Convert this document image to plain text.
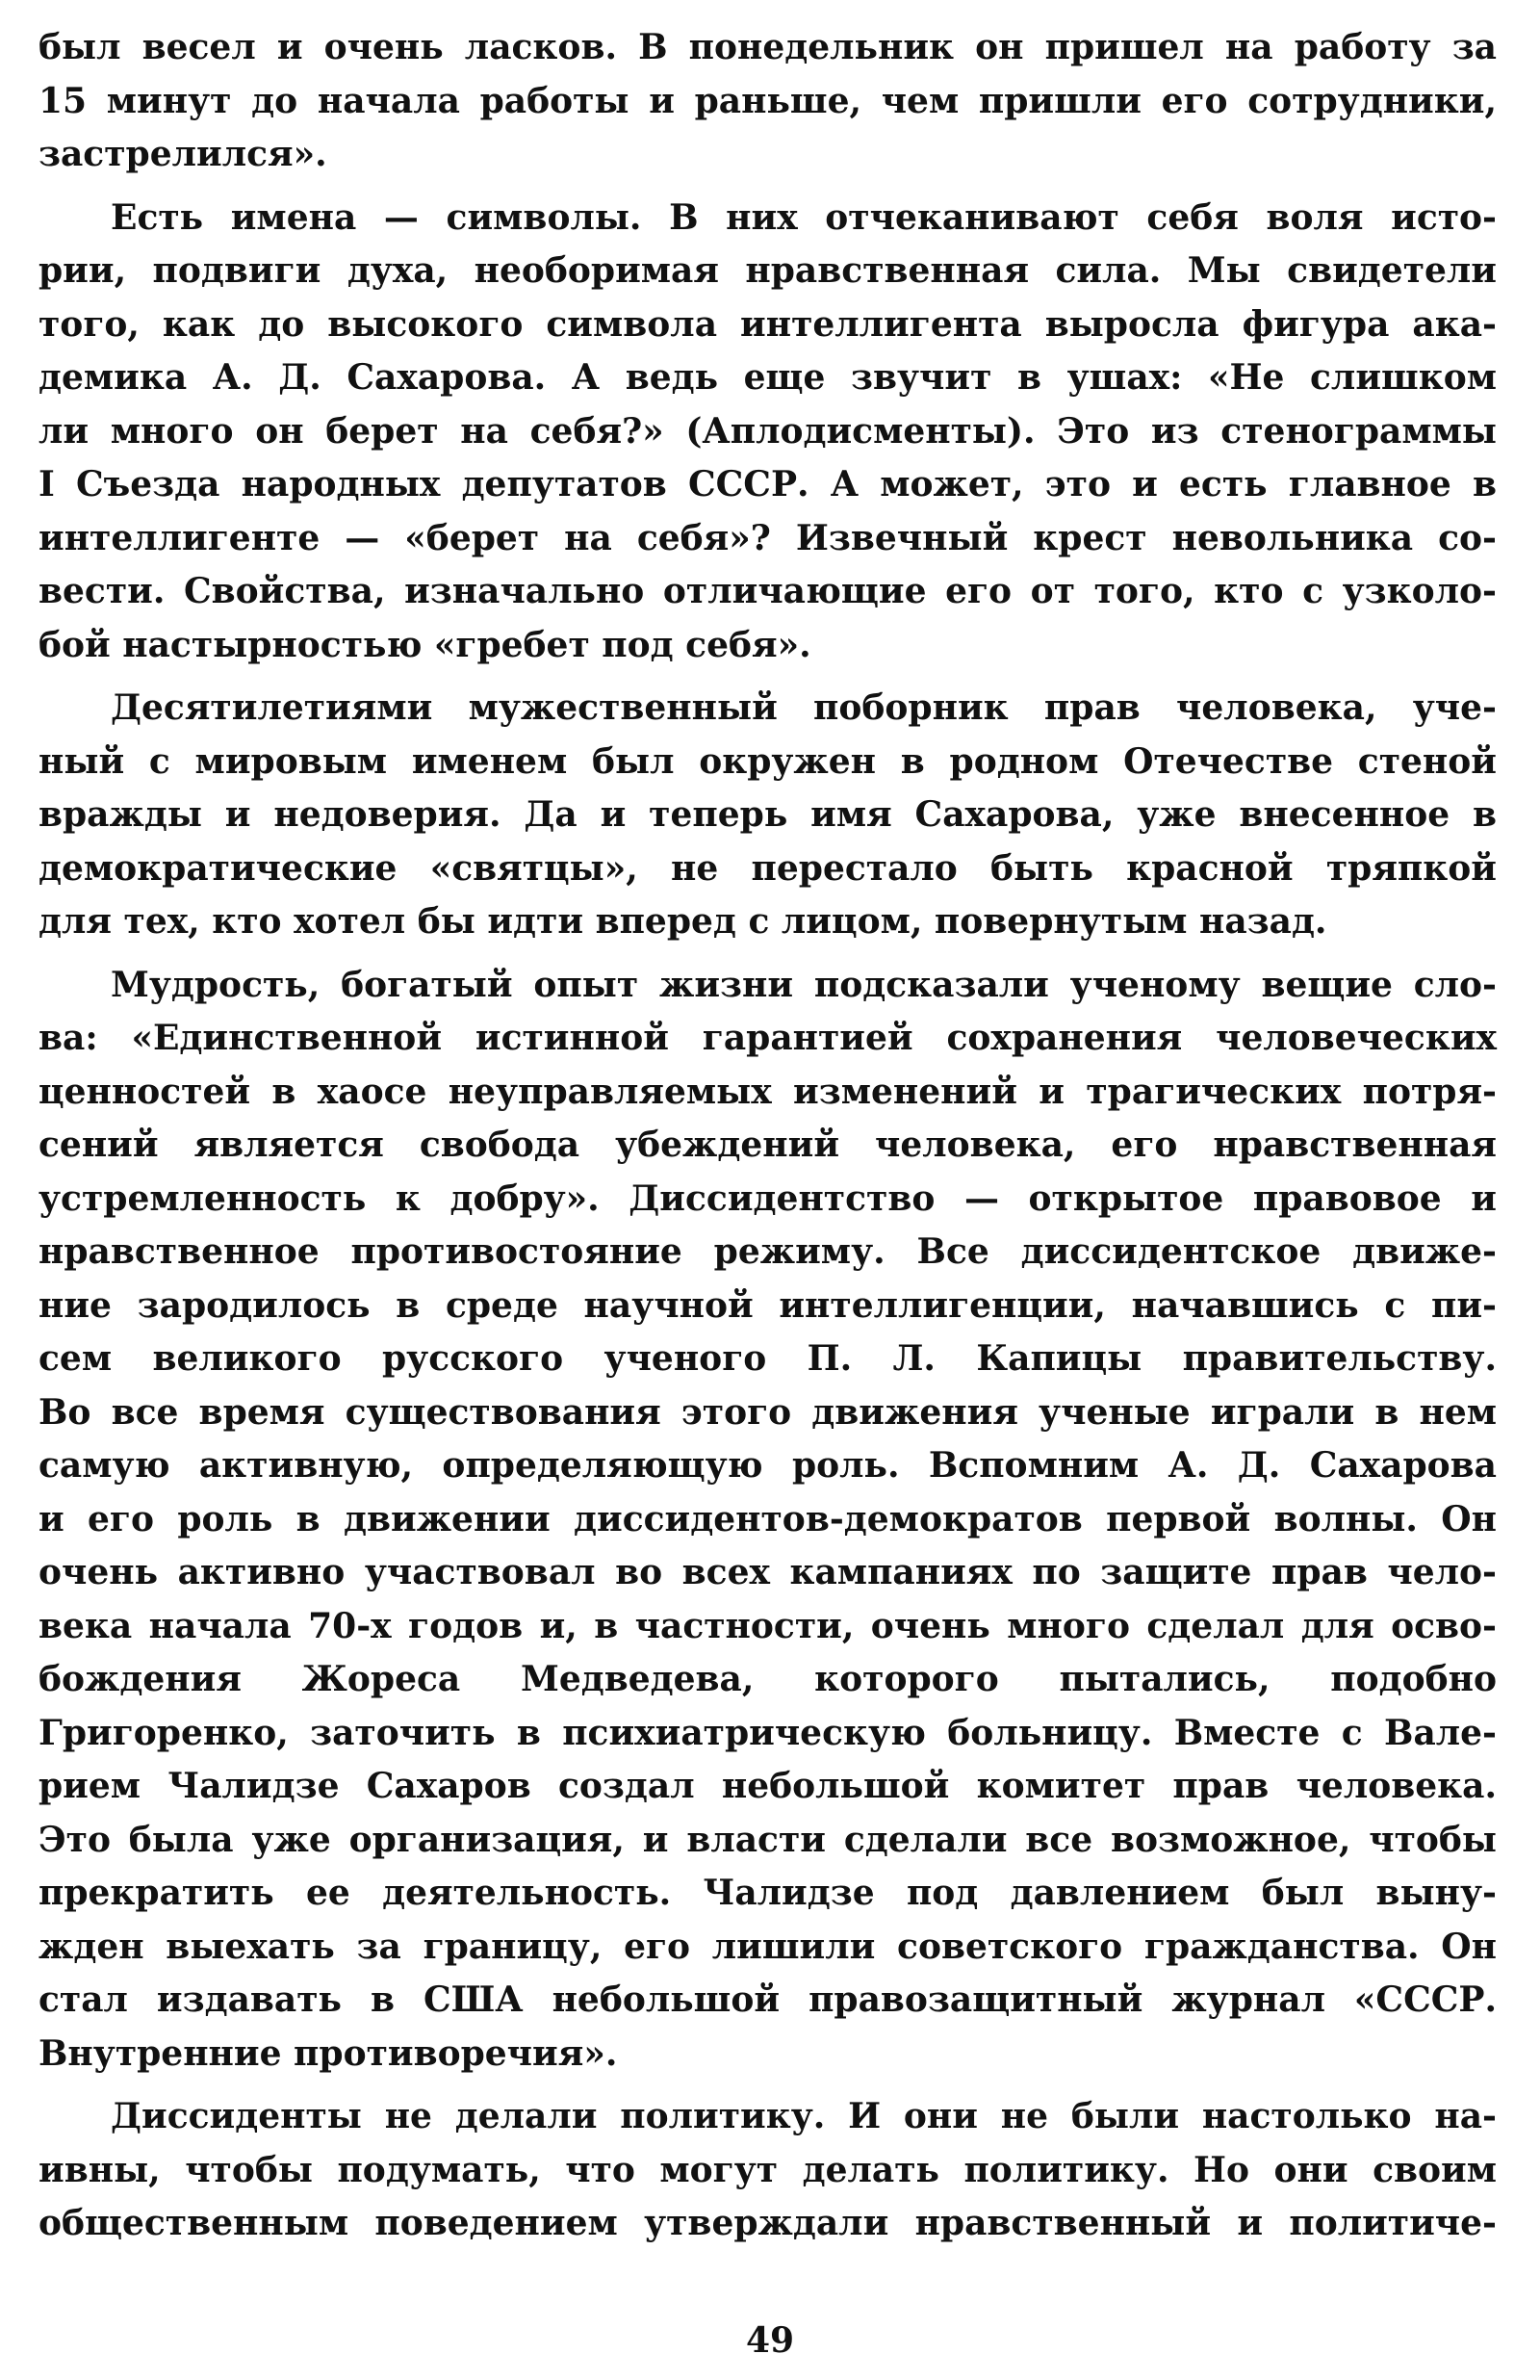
был весел и очень ласков. В понедельник он пришел на работу за
15 минут до начала работы и раньше, чем пришли его сотрудники,
застрелился».
Есть имена — символы. В них отчеканивают себя воля исто-
рии, подвиги духа, необоримая нравственная сила. Мы свидетели
того, как до высокого символа интеллигента выросла фигура ака-
демика А. Д. Сахарова. А ведь еще звучит в ушах: «Не слишком
ли много он берет на себя?» (Аплодисменты). Это из стенограммы
I Съезда народных депутатов СССР. А может, это и есть главное в
интеллигенте — «берет на себя»? Извечный крест невольника со-
вести. Свойства, изначально отличающие его от того, кто с узколо-
бой настырностью «гребет под себя».
Десятилетиями мужественный поборник прав человека, уче-
ный с мировым именем был окружен в родном Отечестве стеной
вражды и недоверия. Да и теперь имя Сахарова, уже внесенное в
демократические «святцы», не перестало быть красной тряпкой
для тех, кто хотел бы идти вперед с лицом, повернутым назад.
Мудрость, богатый опыт жизни подсказали ученому вещие сло-
ва: «Единственной истинной гарантией сохранения человеческих
ценностей в хаосе неуправляемых изменений и трагических потря-
сений является свобода убеждений человека, его нравственная
устремленность к добру». Диссидентство — открытое правовое и
нравственное противостояние режиму. Все диссидентское движе-
ние зародилось в среде научной интеллигенции, начавшись с пи-
сем великого русского ученого П. Л. Капицы правительству.
Во все время существования этого движения ученые играли в нем
самую активную, определяющую роль. Вспомним А. Д. Сахарова
и его роль в движении диссидентов-демократов первой волны. Он
очень активно участвовал во всех кампаниях по защите прав чело-
века начала 70-х годов и, в частности, очень много сделал для осво-
бождения Жореса Медведева, которого пытались, подобно
Григоренко, заточить в психиатрическую больницу. Вместе с Вале-
рием Чалидзе Сахаров создал небольшой комитет прав человека.
Это была уже организация, и власти сделали все возможное, чтобы
прекратить ее деятельность. Чалидзе под давлением был выну-
жден выехать за границу, его лишили советского гражданства. Он
стал издавать в США небольшой правозащитный журнал «СССР.
Внутренние противоречия».
Диссиденты не делали политику. И они не были настолько на-
ивны, чтобы подумать, что могут делать политику. Но они своим
общественным поведением утверждали нравственный и политиче-
49
